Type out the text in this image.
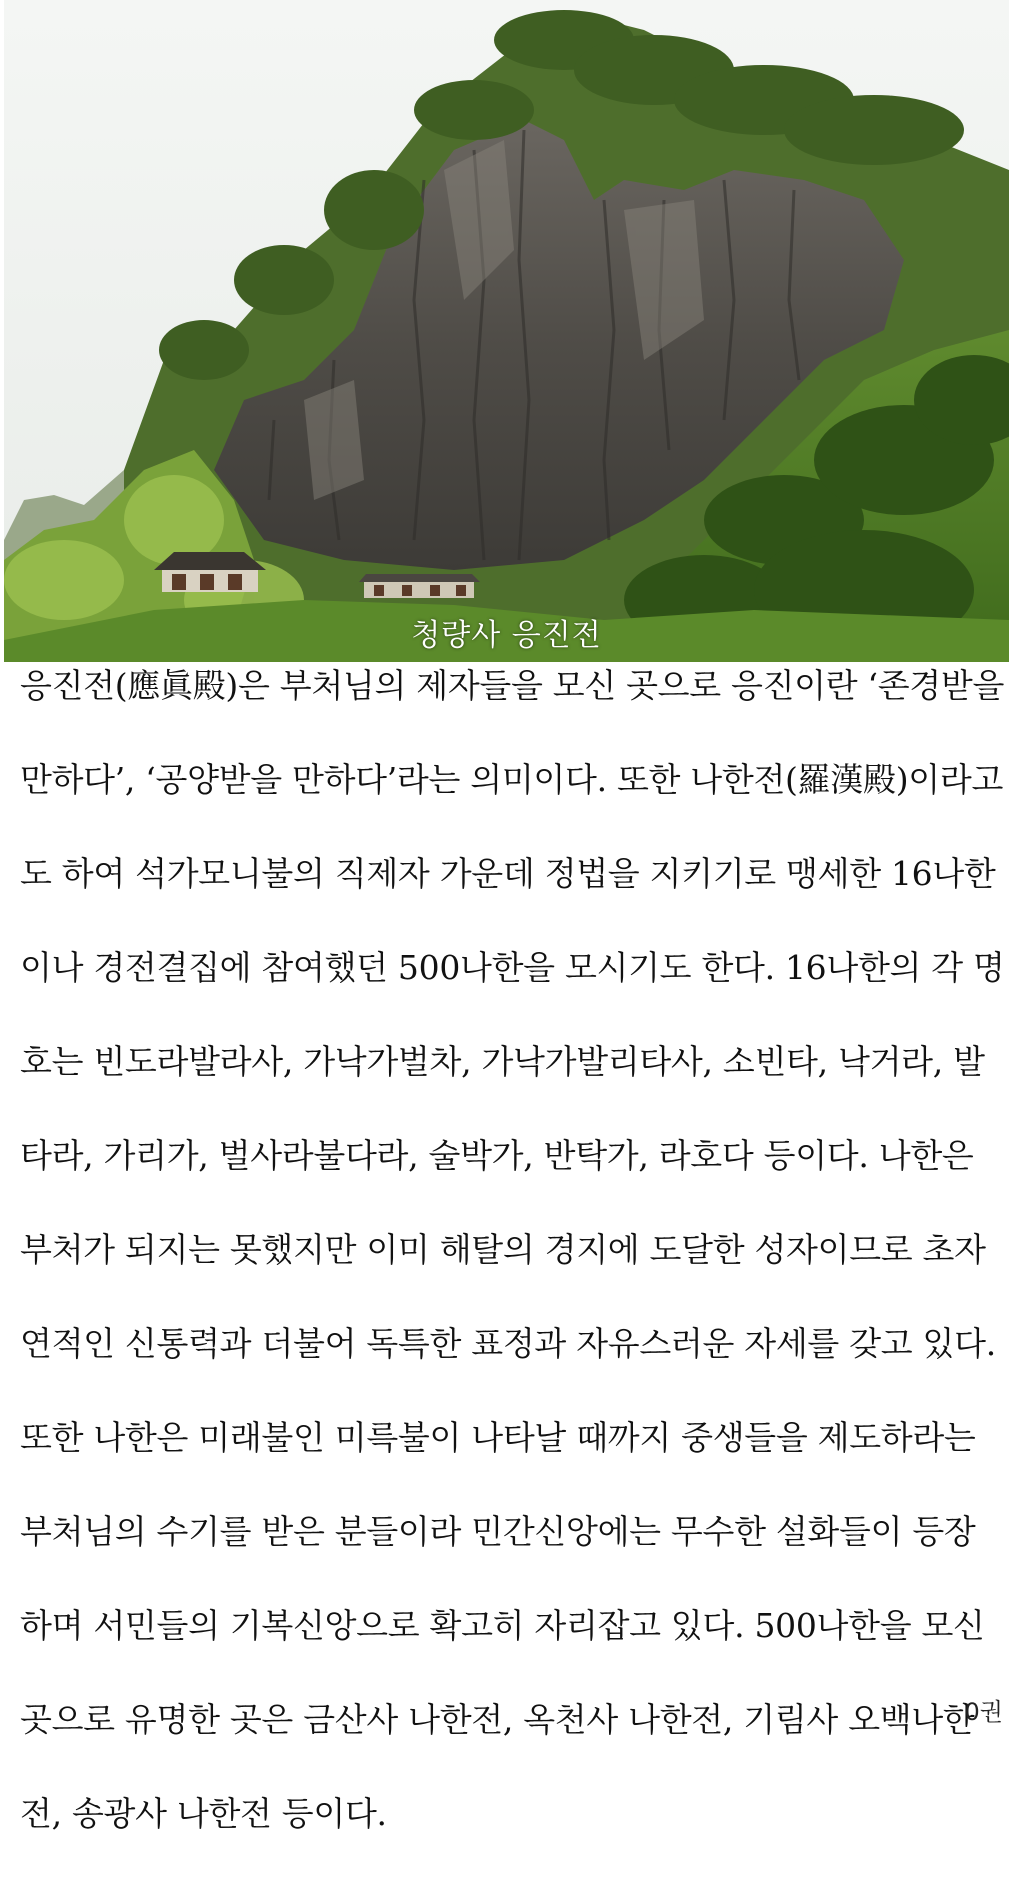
청량사 응진전
응진전(應眞殿)은 부처님의 제자들을 모신 곳으로 응진이란 ‘존경받을
만하다’, ‘공양받을 만하다’라는 의미이다. 또한 나한전(羅漢殿)이라고
도 하여 석가모니불의 직제자 가운데 정법을 지키기로 맹세한 16나한
이나 경전결집에 참여했던 500나한을 모시기도 한다. 16나한의 각 명
호는 빈도라발라사, 가낙가벌차, 가낙가발리타사, 소빈타, 낙거라, 발
타라, 가리가, 벌사라불다라, 술박가, 반탁가, 라호다 등이다. 나한은
부처가 되지는 못했지만 이미 해탈의 경지에 도달한 성자이므로 초자
연적인 신통력과 더불어 독특한 표정과 자유스러운 자세를 갖고 있다.
또한 나한은 미래불인 미륵불이 나타날 때까지 중생들을 제도하라는
부처님의 수기를 받은 분들이라 민간신앙에는 무수한 설화들이 등장
하며 서민들의 기복신앙으로 확고히 자리잡고 있다. 500나한을 모신
곳으로 유명한 곳은 금산사 나한전, 옥천사 나한전, 기림사 오백나한
전, 송광사 나한전 등이다.
0권
